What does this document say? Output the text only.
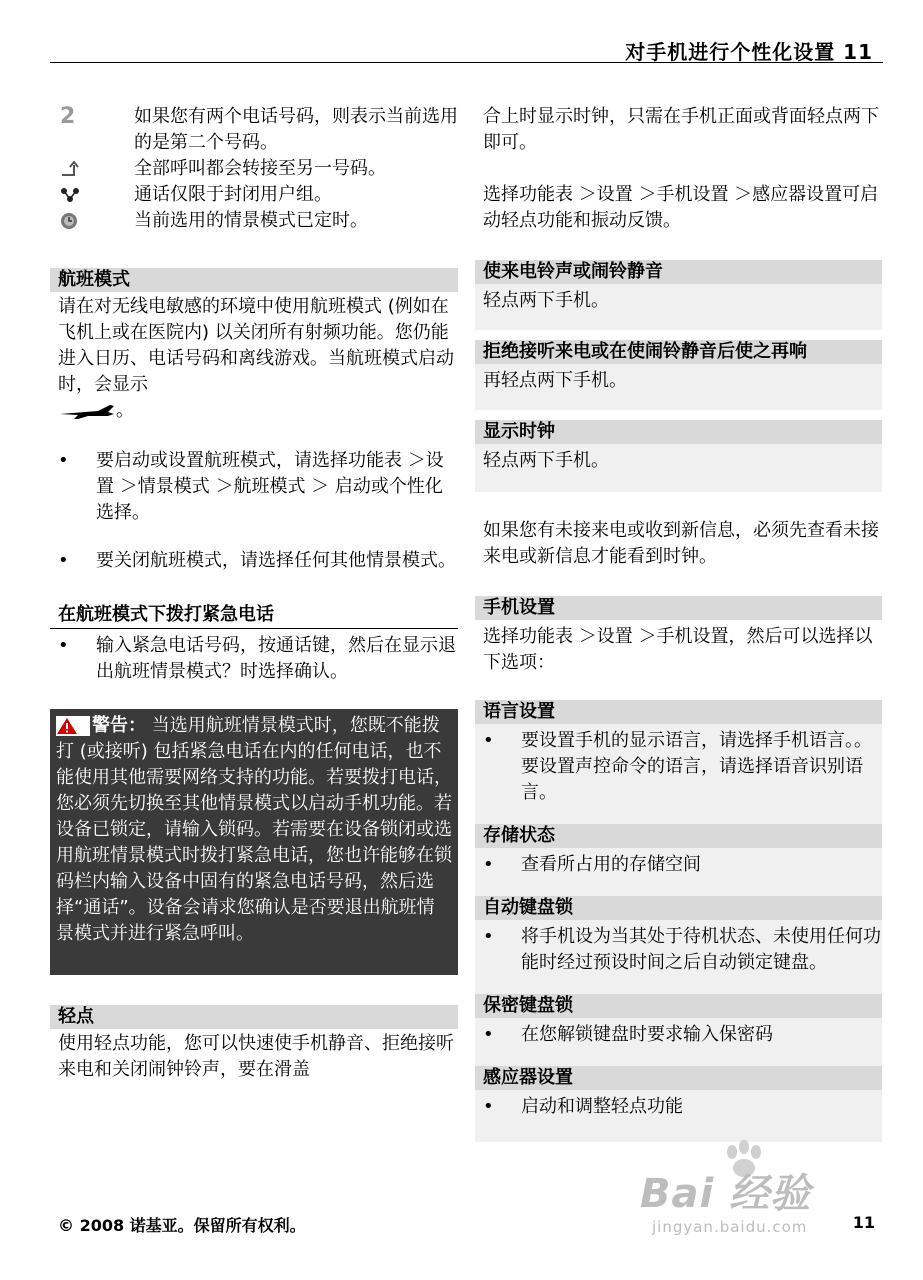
对手机进行个性化设置 11
2	如果您有两个电话号码，则表示当前选用的是第二个号码。
全部呼叫都会转接至另一号码。
通话仅限于封闭用户组。
当前选用的情景模式已定时。
航班模式

请在对无线电敏感的环境中使用航班模式 (例如在飞机上或在医院内) 以关闭所有射频功能。您仍能进入日历、电话号码和离线游戏。当航班模式启动时，会显示
。

•	要启动或设置航班模式，请选择功能表 ＞设置 ＞情景模式 ＞航班模式 ＞ 启动或个性化选择。
•	要关闭航班模式，请选择任何其他情景模式。
在航班模式下拨打紧急电话
•	输入紧急电话号码，按通话键，然后在显示退出航班情景模式？时选择确认。
警告： 当选用航班情景模式时，您既不能拨打 (或接听) 包括紧急电话在内的任何电话，也不能使用其他需要网络支持的功能。若要拨打电话，您必须先切换至其他情景模式以启动手机功能。若设备已锁定，请输入锁码。若需要在设备锁闭或选用航班情景模式时拨打紧急电话，您也许能够在锁码栏内输入设备中固有的紧急电话号码，然后选择“通话”。设备会请求您确认是否要退出航班情景模式并进行紧急呼叫。
轻点

使用轻点功能，您可以快速使手机静音、拒绝接听来电和关闭闹钟铃声，要在滑盖

合上时显示时钟，只需在手机正面或背面轻点两下即可。

选择功能表 ＞设置 ＞手机设置 ＞感应器设置可启动轻点功能和振动反馈。

使来电铃声或闹铃静音
轻点两下手机。
拒绝接听来电或在使闹铃静音后使之再响
再轻点两下手机。
显示时钟
轻点两下手机。

如果您有未接来电或收到新信息，必须先查看未接来电或新信息才能看到时钟。

手机设置

选择功能表 ＞设置 ＞手机设置，然后可以选择以下选项：

语言设置
•	要设置手机的显示语言，请选择手机语言。。要设置声控命令的语言，请选择语音识别语言。
存储状态
•	查看所占用的存储空间
自动键盘锁
•	将手机设为当其处于待机状态、未使用任何功能时经过预设时间之后自动锁定键盘。
保密键盘锁
•	在您解锁键盘时要求输入保密码
感应器设置
•	启动和调整轻点功能
Bai 经验
jingyan.baidu.com
© 2008 诺基亚。保留所有权利。	11
